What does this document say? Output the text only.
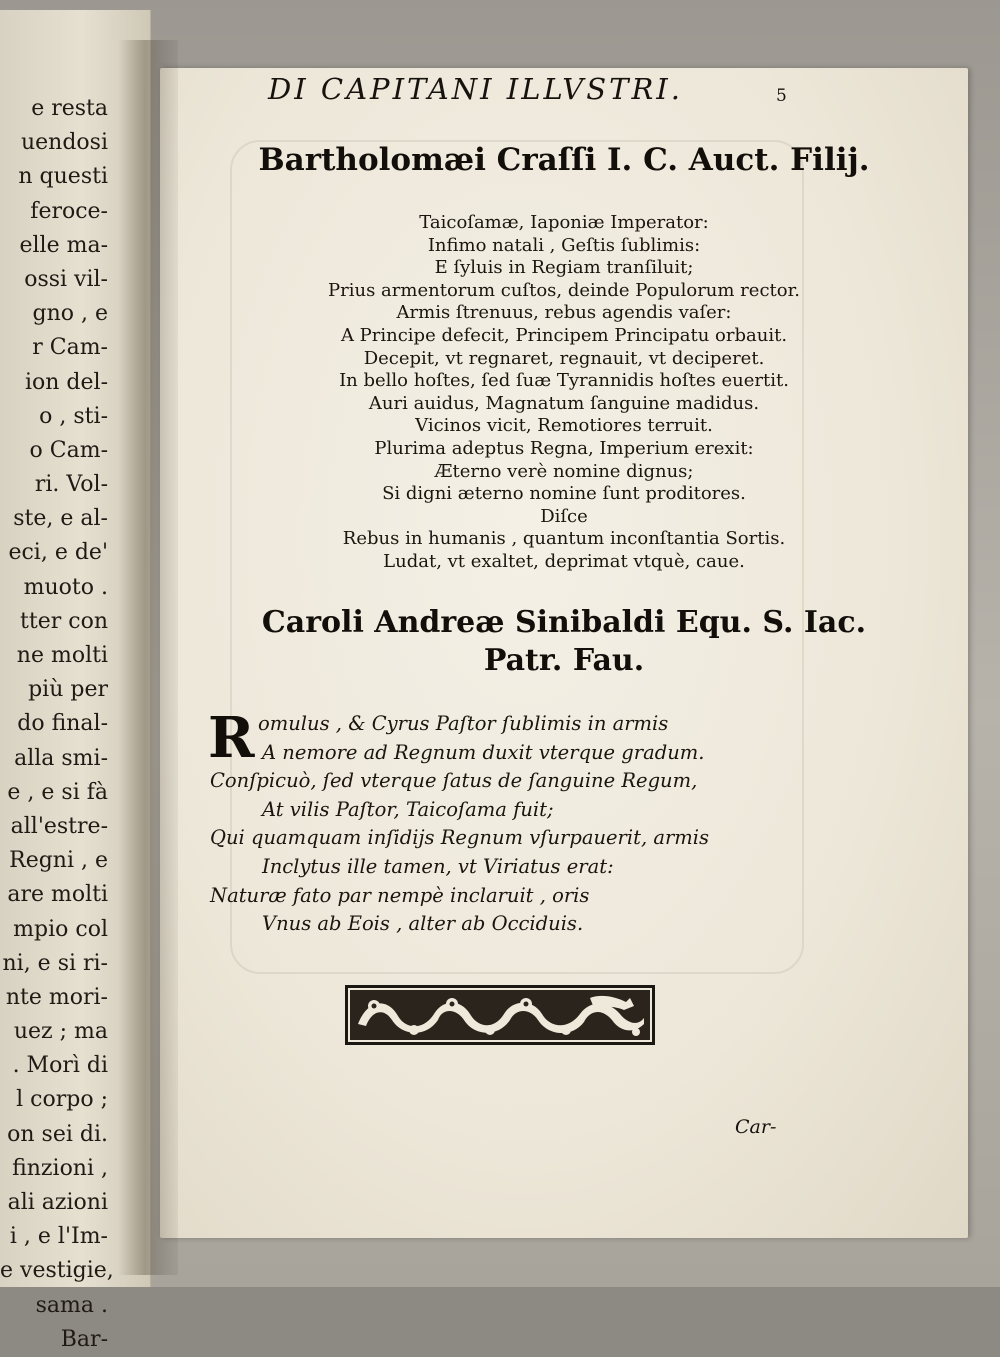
e resta
uendosi
n questi
feroce-
elle ma-
ossi vil-
gno , e
r Cam-
ion del-
o , sti-
o Cam-
ri. Vol-
ste, e al-
eci, e de'
muoto .
tter con
ne molti
più per
do final-
alla smi-
e , e si fà
all'estre-
Regni , e
are molti
mpio col
ni, e si ri-
nte mori-
uez ; ma
. Morì di
l corpo ;
on sei di.
finzioni ,
ali azioni
i , e l'Im-
e vestigie,
sama .
Bar-
DI CAPITANI ILLVSTRI.	5
Bartholomæi Craſſi I. C. Auct. Filij.
Taicoſamæ, Iaponiæ Imperator:
Infimo natali , Geſtis ſublimis:
E ſyluis in Regiam tranſiluit;
Prius armentorum cuſtos, deinde Populorum rector.
Armis ſtrenuus, rebus agendis vaſer:
A Principe defecit, Principem Principatu orbauit.
Decepit, vt regnaret, regnauit, vt deciperet.
In bello hoſtes, ſed ſuæ Tyrannidis hoſtes euertit.
Auri auidus, Magnatum ſanguine madidus.
Vicinos vicit, Remotiores terruit.
Plurima adeptus Regna, Imperium erexit:
Æterno verè nomine dignus;
Si digni æterno nomine ſunt proditores.
Diſce
Rebus in humanis , quantum inconſtantia Sortis.
Ludat, vt exaltet, deprimat vtquè, caue.
Caroli Andreæ Sinibaldi Equ. S. Iac.
Patr. Fau.
R omulus , & Cyrus Paſtor ſublimis in armis
A nemore ad Regnum duxit vterque gradum.
Conſpicuò, ſed vterque ſatus de ſanguine Regum,
At vilis Paſtor, Taicoſama fuit;
Qui quamquam inſidijs Regnum vſurpauerit, armis
Inclytus ille tamen, vt Viriatus erat:
Naturæ fato par nempè inclaruit , oris
Vnus ab Eois , alter ab Occiduis.
Car-
